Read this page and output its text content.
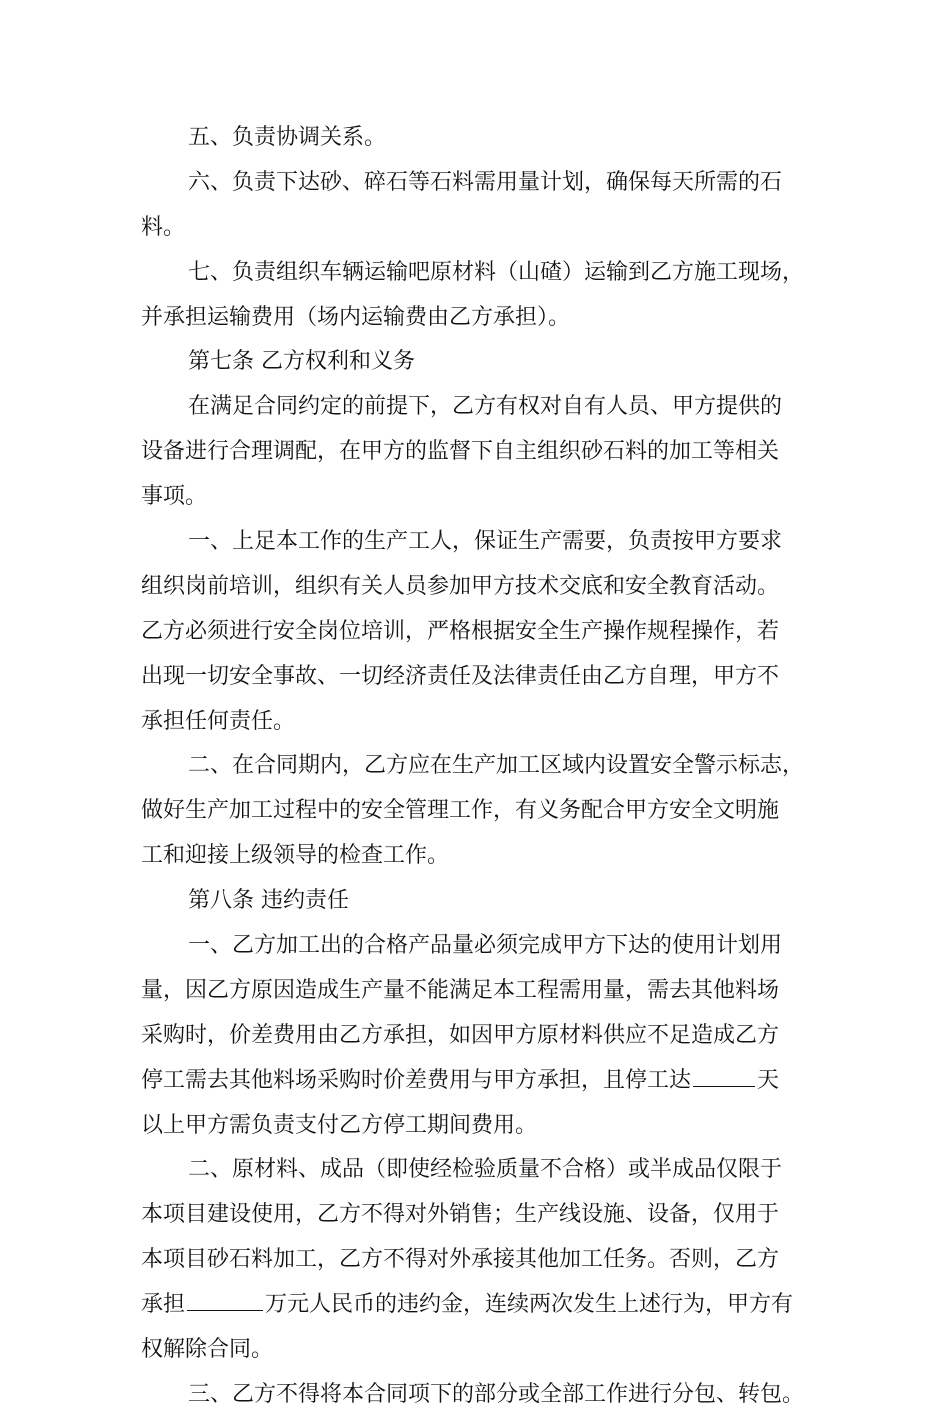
五、负责协调关系。
六、负责下达砂、碎石等石料需用量计划，确保每天所需的石
料。
七、负责组织车辆运输吧原材料（山碴）运输到乙方施工现场，
并承担运输费用（场内运输费由乙方承担）。
第七条 乙方权利和义务
在满足合同约定的前提下，乙方有权对自有人员、甲方提供的
设备进行合理调配，在甲方的监督下自主组织砂石料的加工等相关
事项。
一、上足本工作的生产工人，保证生产需要，负责按甲方要求
组织岗前培训，组织有关人员参加甲方技术交底和安全教育活动。
乙方必须进行安全岗位培训，严格根据安全生产操作规程操作，若
出现一切安全事故、一切经济责任及法律责任由乙方自理，甲方不
承担任何责任。
二、在合同期内，乙方应在生产加工区域内设置安全警示标志，
做好生产加工过程中的安全管理工作，有义务配合甲方安全文明施
工和迎接上级领导的检查工作。
第八条 违约责任
一、乙方加工出的合格产品量必须完成甲方下达的使用计划用
量，因乙方原因造成生产量不能满足本工程需用量，需去其他料场
采购时，价差费用由乙方承担，如因甲方原材料供应不足造成乙方
停工需去其他料场采购时价差费用与甲方承担，且停工达	天
以上甲方需负责支付乙方停工期间费用。
二、原材料、成品（即使经检验质量不合格）或半成品仅限于
本项目建设使用，乙方不得对外销售；生产线设施、设备，仅用于
本项目砂石料加工，乙方不得对外承接其他加工任务。否则，乙方
承担	万元人民币的违约金，连续两次发生上述行为，甲方有
权解除合同。
三、乙方不得将本合同项下的部分或全部工作进行分包、转包。
